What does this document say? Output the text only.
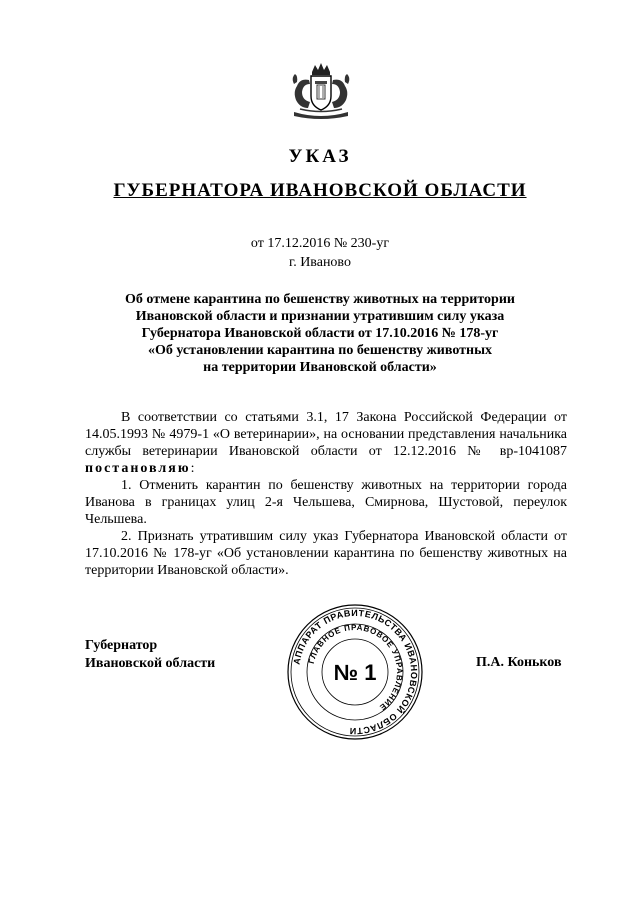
УКАЗ
ГУБЕРНАТОРА ИВАНОВСКОЙ ОБЛАСТИ
от 17.12.2016 № 230-уг
г. Иваново
Об отмене карантина по бешенству животных на территории
Ивановской области и признании утратившим силу указа
Губернатора Ивановской области от 17.10.2016 № 178-уг
«Об установлении карантина по бешенству животных
на территории Ивановской области»

В соответствии со статьями 3.1, 17 Закона Российской Федерации от 14.05.1993 № 4979-1 «О ветеринарии», на основании представления начальника службы ветеринарии Ивановской области от 12.12.2016 № вр-1041087 постановляю:

1. Отменить карантин по бешенству животных на территории города Иванова в границах улиц 2-я Чельшева, Смирнова, Шустовой, переулок Чельшева.

2. Признать утратившим силу указ Губернатора Ивановской области от 17.10.2016 № 178-уг «Об установлении карантина по бешенству животных на территории Ивановской области».

Губернатор
Ивановской области	П.А. Коньков
АППАРАТ ПРАВИТЕЛЬСТВА ИВАНОВСКОЙ ОБЛАСТИ
ГЛАВНОЕ ПРАВОВОЕ УПРАВЛЕНИЕ
№ 1
